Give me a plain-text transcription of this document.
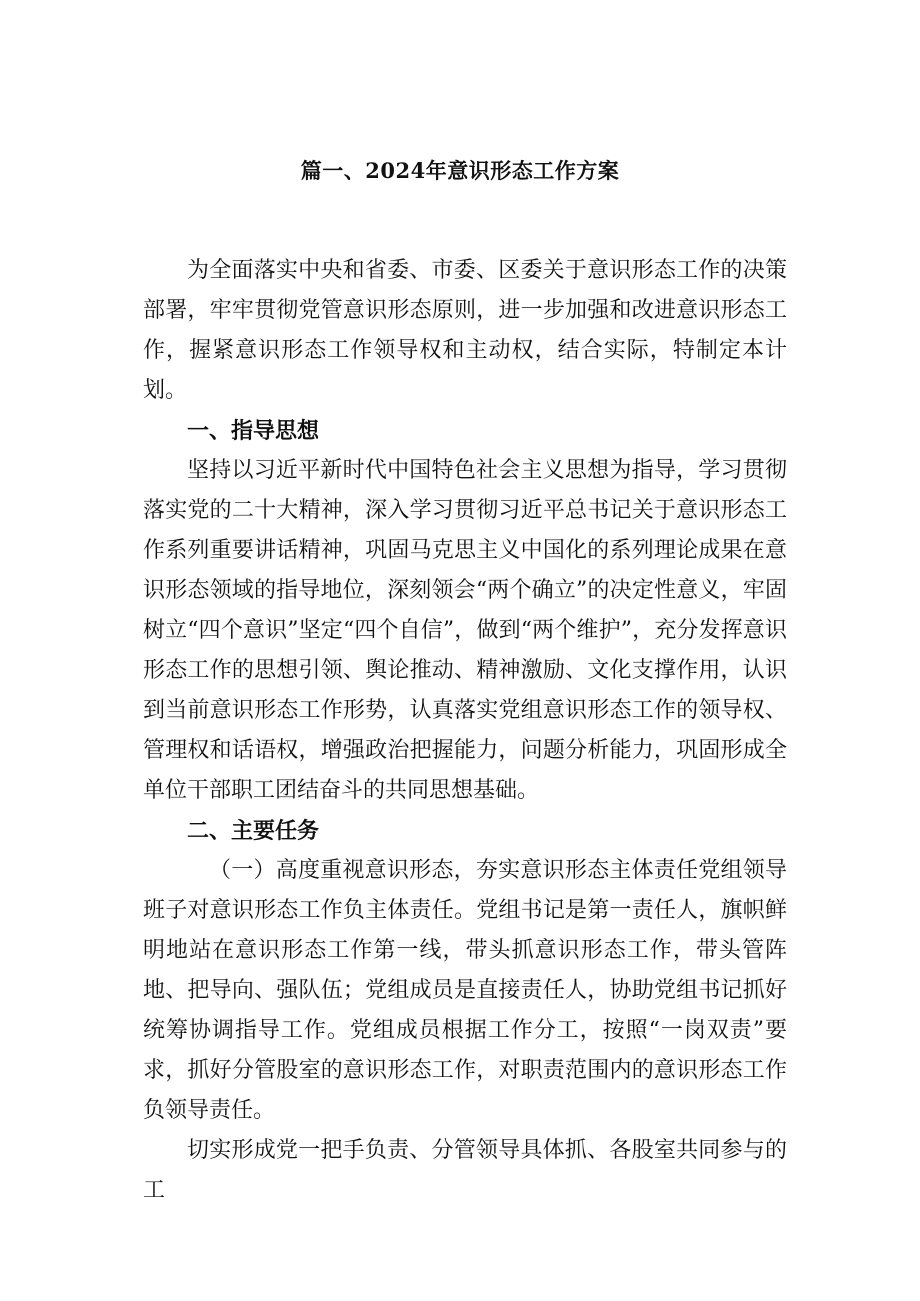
篇一、2024年意识形态工作方案

为全面落实中央和省委、市委、区委关于意识形态工作的决策部署，牢牢贯彻党管意识形态原则，进一步加强和改进意识形态工作，握紧意识形态工作领导权和主动权，结合实际，特制定本计划。

一、指导思想

坚持以习近平新时代中国特色社会主义思想为指导，学习贯彻落实党的二十大精神，深入学习贯彻习近平总书记关于意识形态工作系列重要讲话精神，巩固马克思主义中国化的系列理论成果在意识形态领域的指导地位，深刻领会“两个确立”的决定性意义，牢固树立“四个意识”坚定“四个自信”，做到“两个维护”，充分发挥意识形态工作的思想引领、舆论推动、精神激励、文化支撑作用，认识到当前意识形态工作形势，认真落实党组意识形态工作的领导权、管理权和话语权，增强政治把握能力，问题分析能力，巩固形成全单位干部职工团结奋斗的共同思想基础。

二、主要任务

（一）高度重视意识形态，夯实意识形态主体责任党组领导班子对意识形态工作负主体责任。党组书记是第一责任人，旗帜鲜明地站在意识形态工作第一线，带头抓意识形态工作，带头管阵地、把导向、强队伍；党组成员是直接责任人，协助党组书记抓好统筹协调指导工作。党组成员根据工作分工，按照“一岗双责”要求，抓好分管股室的意识形态工作，对职责范围内的意识形态工作负领导责任。

切实形成党一把手负责、分管领导具体抓、各股室共同参与的工
